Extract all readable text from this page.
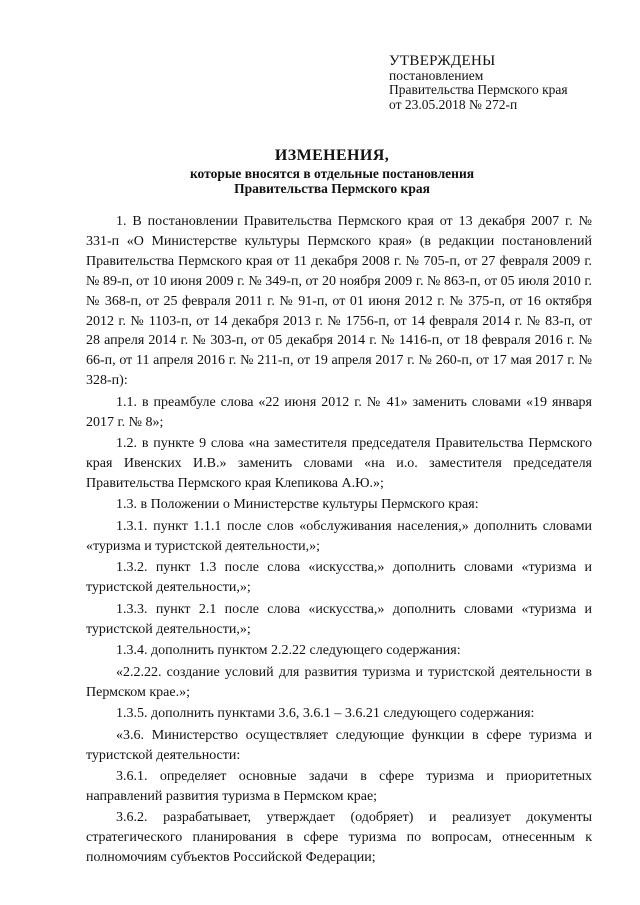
УТВЕРЖДЕНЫ
постановлением
Правительства Пермского края
от 23.05.2018 № 272-п
ИЗМЕНЕНИЯ,
которые вносятся в отдельные постановления
Правительства Пермского края

1. В постановлении Правительства Пермского края от 13 декабря 2007 г. № 331-п «О Министерстве культуры Пермского края» (в редакции постановлений Правительства Пермского края от 11 декабря 2008 г. № 705-п, от 27 февраля 2009 г. № 89-п, от 10 июня 2009 г. № 349-п, от 20 ноября 2009 г. № 863-п, от 05 июля 2010 г. № 368-п, от 25 февраля 2011 г. № 91-п, от 01 июня 2012 г. № 375-п, от 16 октября 2012 г. № 1103-п, от 14 декабря 2013 г. № 1756-п, от 14 февраля 2014 г. № 83-п, от 28 апреля 2014 г. № 303-п, от 05 декабря 2014 г. № 1416-п, от 18 февраля 2016 г. № 66-п, от 11 апреля 2016 г. № 211-п, от 19 апреля 2017 г. № 260-п, от 17 мая 2017 г. № 328-п):

1.1. в преамбуле слова «22 июня 2012 г. № 41» заменить словами «19 января 2017 г. № 8»;

1.2. в пункте 9 слова «на заместителя председателя Правительства Пермского края Ивенских И.В.» заменить словами «на и.о. заместителя председателя Правительства Пермского края Клепикова А.Ю.»;

1.3. в Положении о Министерстве культуры Пермского края:

1.3.1. пункт 1.1.1 после слов «обслуживания населения,» дополнить словами «туризма и туристской деятельности,»;

1.3.2. пункт 1.3 после слова «искусства,» дополнить словами «туризма и туристской деятельности,»;

1.3.3. пункт 2.1 после слова «искусства,» дополнить словами «туризма и туристской деятельности,»;

1.3.4. дополнить пунктом 2.2.22 следующего содержания:

«2.2.22. создание условий для развития туризма и туристской деятельности в Пермском крае.»;

1.3.5. дополнить пунктами 3.6, 3.6.1 – 3.6.21 следующего содержания:

«3.6. Министерство осуществляет следующие функции в сфере туризма и туристской деятельности:

3.6.1. определяет основные задачи в сфере туризма и приоритетных направлений развития туризма в Пермском крае;

3.6.2. разрабатывает, утверждает (одобряет) и реализует документы стратегического планирования в сфере туризма по вопросам, отнесенным к полномочиям субъектов Российской Федерации;
